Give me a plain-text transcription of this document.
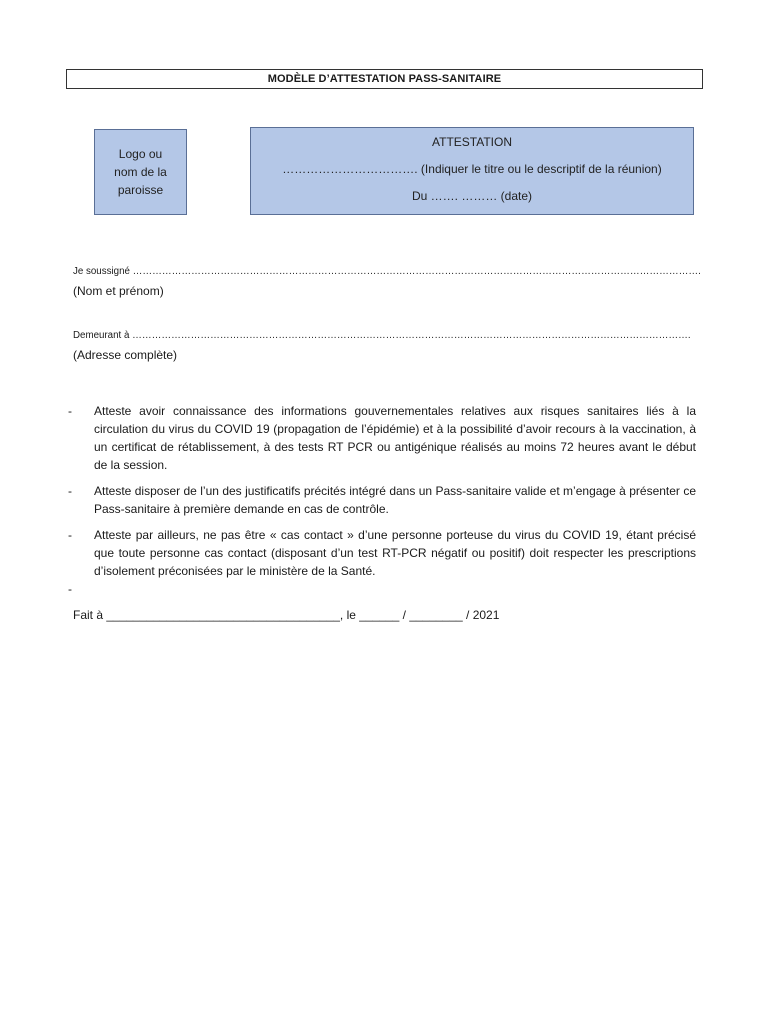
MODÈLE D’ATTESTATION PASS-SANITAIRE
Logo ou
nom de la
paroisse
ATTESTATION
……………………………. (Indiquer le titre ou le descriptif de la réunion)
Du ……. ……… (date)
Je soussigné ………………………………………………………………………………………………………………………………………………………….
(Nom et prénom)
Demeurant à ……………………………………………………………………………………………………………………………………………………….
(Adresse complète)
-	Atteste avoir connaissance des informations gouvernementales relatives aux risques sanitaires liés à la circulation du virus du COVID 19 (propagation de l’épidémie) et à la possibilité d’avoir recours à la vaccination, à un certificat de rétablissement, à des tests RT PCR ou antigénique réalisés au moins 72 heures avant le début de la session.
-	Atteste disposer de l’un des justificatifs précités intégré dans un Pass-sanitaire valide et m’engage à présenter ce Pass-sanitaire à première demande en cas de contrôle.
-	Atteste par ailleurs, ne pas être « cas contact » d’une personne porteuse du virus du COVID 19, étant précisé que toute personne cas contact (disposant d’un test RT-PCR négatif ou positif) doit respecter les prescriptions d’isolement préconisées par le ministère de la Santé.
-
Fait à ___________________________________, le ______ / ________ / 2021
